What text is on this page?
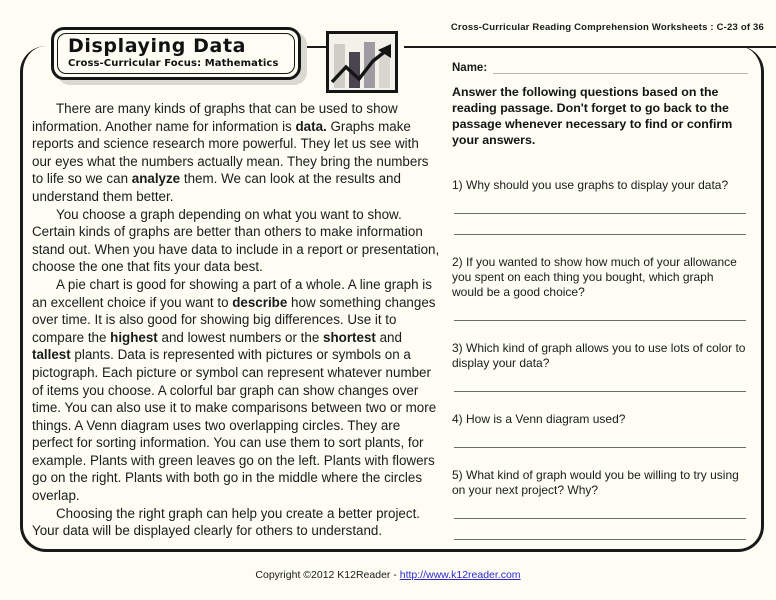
Cross-Curricular Reading Comprehension Worksheets : C-23 of 36
Displaying Data
Cross-Curricular Focus: Mathematics

There are many kinds of graphs that can be used to show information. Another name for information is data. Graphs make reports and science research more powerful. They let us see with our eyes what the numbers actually mean. They bring the numbers to life so we can analyze them. We can look at the results and understand them better.

You choose a graph depending on what you want to show. Certain kinds of graphs are better than others to make information stand out. When you have data to include in a report or presentation, choose the one that fits your data best.

A pie chart is good for showing a part of a whole. A line graph is an excellent choice if you want to describe how something changes over time. It is also good for showing big differences. Use it to compare the highest and lowest numbers or the shortest and tallest plants. Data is represented with pictures or symbols on a pictograph. Each picture or symbol can represent whatever number of items you choose. A colorful bar graph can show changes over time. You can also use it to make comparisons between two or more things. A Venn diagram uses two overlapping circles. They are perfect for sorting information. You can use them to sort plants, for example. Plants with green leaves go on the left. Plants with flowers go on the right. Plants with both go in the middle where the circles overlap.

Choosing the right graph can help you create a better project. Your data will be displayed clearly for others to understand.

Name:
Answer the following questions based on the reading passage. Don't forget to go back to the passage whenever necessary to find or confirm your answers.
1) Why should you use graphs to display your data?
2) If you wanted to show how much of your allowance you spent on each thing you bought, which graph would be a good choice?
3) Which kind of graph allows you to use lots of color to display your data?
4) How is a Venn diagram used?
5) What kind of graph would you be willing to try using on your next project? Why?
Copyright ©2012 K12Reader - http://www.k12reader.com
